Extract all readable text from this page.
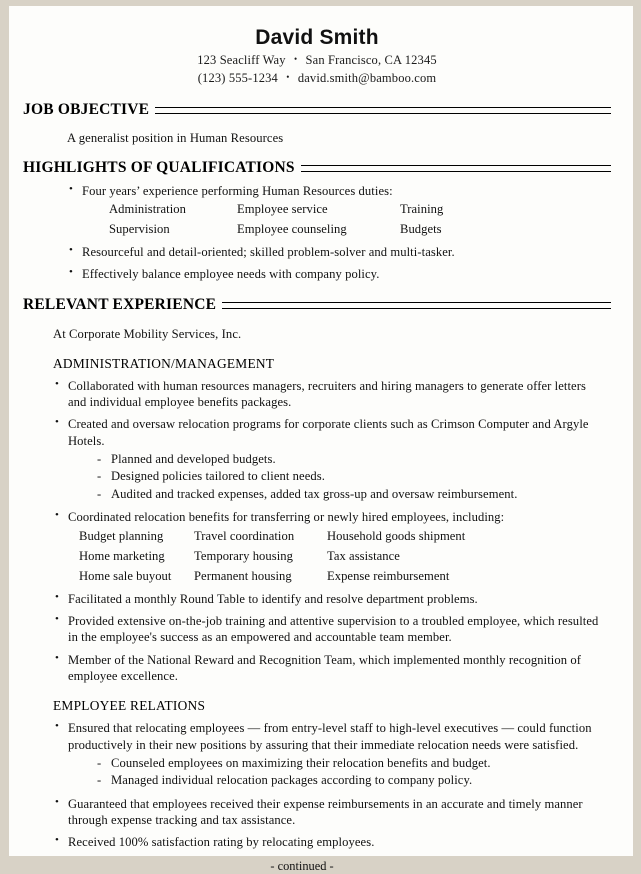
David Smith
123 Seacliff Way • San Francisco, CA 12345
(123) 555-1234 • david.smith@bamboo.com
JOB OBJECTIVE
A generalist position in Human Resources
HIGHLIGHTS OF QUALIFICATIONS
• Four years’ experience performing Human Resources duties:
Administration	Employee service	Training
Supervision	Employee counseling	Budgets
• Resourceful and detail-oriented; skilled problem-solver and multi-tasker.
• Effectively balance employee needs with company policy.
RELEVANT EXPERIENCE
At Corporate Mobility Services, Inc.
ADMINISTRATION/MANAGEMENT
• Collaborated with human resources managers, recruiters and hiring managers to generate offer letters and individual employee benefits packages.
• Created and oversaw relocation programs for corporate clients such as Crimson Computer and Argyle Hotels.
- Planned and developed budgets.
- Designed policies tailored to client needs.
- Audited and tracked expenses, added tax gross-up and oversaw reimbursement.
• Coordinated relocation benefits for transferring or newly hired employees, including:
Budget planning	Travel coordination	Household goods shipment
Home marketing	Temporary housing	Tax assistance
Home sale buyout	Permanent housing	Expense reimbursement
• Facilitated a monthly Round Table to identify and resolve department problems.
• Provided extensive on-the-job training and attentive supervision to a troubled employee, which resulted in the employee's success as an empowered and accountable team member.
• Member of the National Reward and Recognition Team, which implemented monthly recognition of employee excellence.
EMPLOYEE RELATIONS
• Ensured that relocating employees — from entry-level staff to high-level executives — could function productively in their new positions by assuring that their immediate relocation needs were satisfied.
- Counseled employees on maximizing their relocation benefits and budget.
- Managed individual relocation packages according to company policy.
• Guaranteed that employees received their expense reimbursements in an accurate and timely manner through expense tracking and tax assistance.
• Received 100% satisfaction rating by relocating employees.
- continued -
